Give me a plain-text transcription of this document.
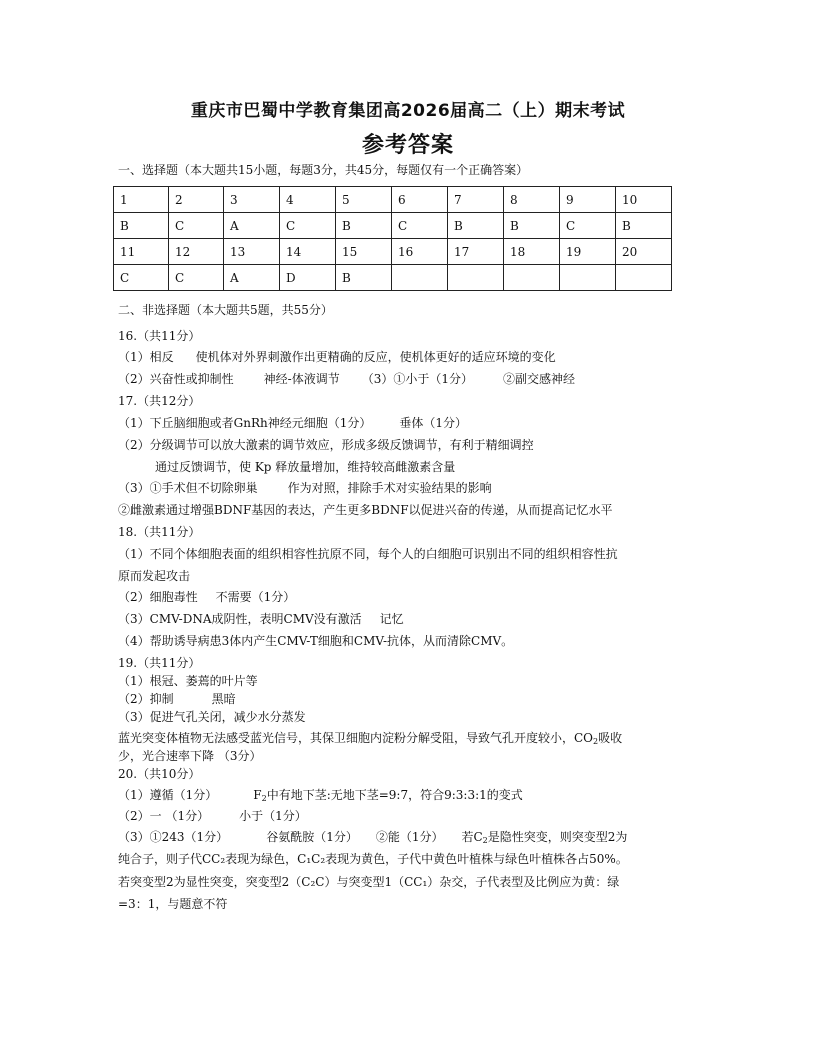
重庆市巴蜀中学教育集团高2026届高二（上）期末考试
参考答案
一、选择题（本大题共15小题，每题3分，共45分，每题仅有一个正确答案）
1	2	3	4	5	6	7	8	9	10
B	C	A	C	B	C	B	B	C	B
11	12	13	14	15	16	17	18	19	20
C	C	A	D	B					
二、非选择题（本大题共5题，共55分）
16.（共11分）
（1）相反 使机体对外界刺激作出更精确的反应，使机体更好的适应环境的变化
（2）兴奋性或抑制性	神经-体液调节 （3）①小于（1分）	②副交感神经
17.（共12分）
（1）下丘脑细胞或者GnRh神经元细胞（1分） 垂体（1分）
（2）分级调节可以放大激素的调节效应，形成多级反馈调节，有利于精细调控
通过反馈调节，使 Kp 释放量增加，维持较高雌激素含量
（3）①手术但不切除卵巢	作为对照，排除手术对实验结果的影响
②雌激素通过增强BDNF基因的表达，产生更多BDNF以促进兴奋的传递，从而提高记忆水平
18.（共11分）
（1）不同个体细胞表面的组织相容性抗原不同，每个人的白细胞可识别出不同的组织相容性抗
原而发起攻击
（2）细胞毒性 不需要（1分）
（3）CMV-DNA成阴性，表明CMV没有激活 记忆
（4）帮助诱导病患3体内产生CMV-T细胞和CMV-抗体，从而清除CMV。
19.（共11分）
（1）根冠、萎蔫的叶片等
（2）抑制	黑暗
（3）促进气孔关闭，减少水分蒸发
蓝光突变体植物无法感受蓝光信号，其保卫细胞内淀粉分解受阻，导致气孔开度较小，$CO_2$吸收
少，光合速率下降 （3分）
20.（共10分）
（1）遵循（1分）	$F_2$中有地下茎:无地下茎=9:7，符合9:3:3:1的变式
（2）一 （1分）	小于（1分）
（3）①243（1分）	谷氨酰胺（1分） ②能（1分） 若$C_2$是隐性突变，则突变型2为
纯合子，则子代CC₂表现为绿色，C₁C₂表现为黄色，子代中黄色叶植株与绿色叶植株各占50%。
若突变型2为显性突变，突变型2（C₂C）与突变型1（CC₁）杂交，子代表型及比例应为黄：绿
=3：1，与题意不符
